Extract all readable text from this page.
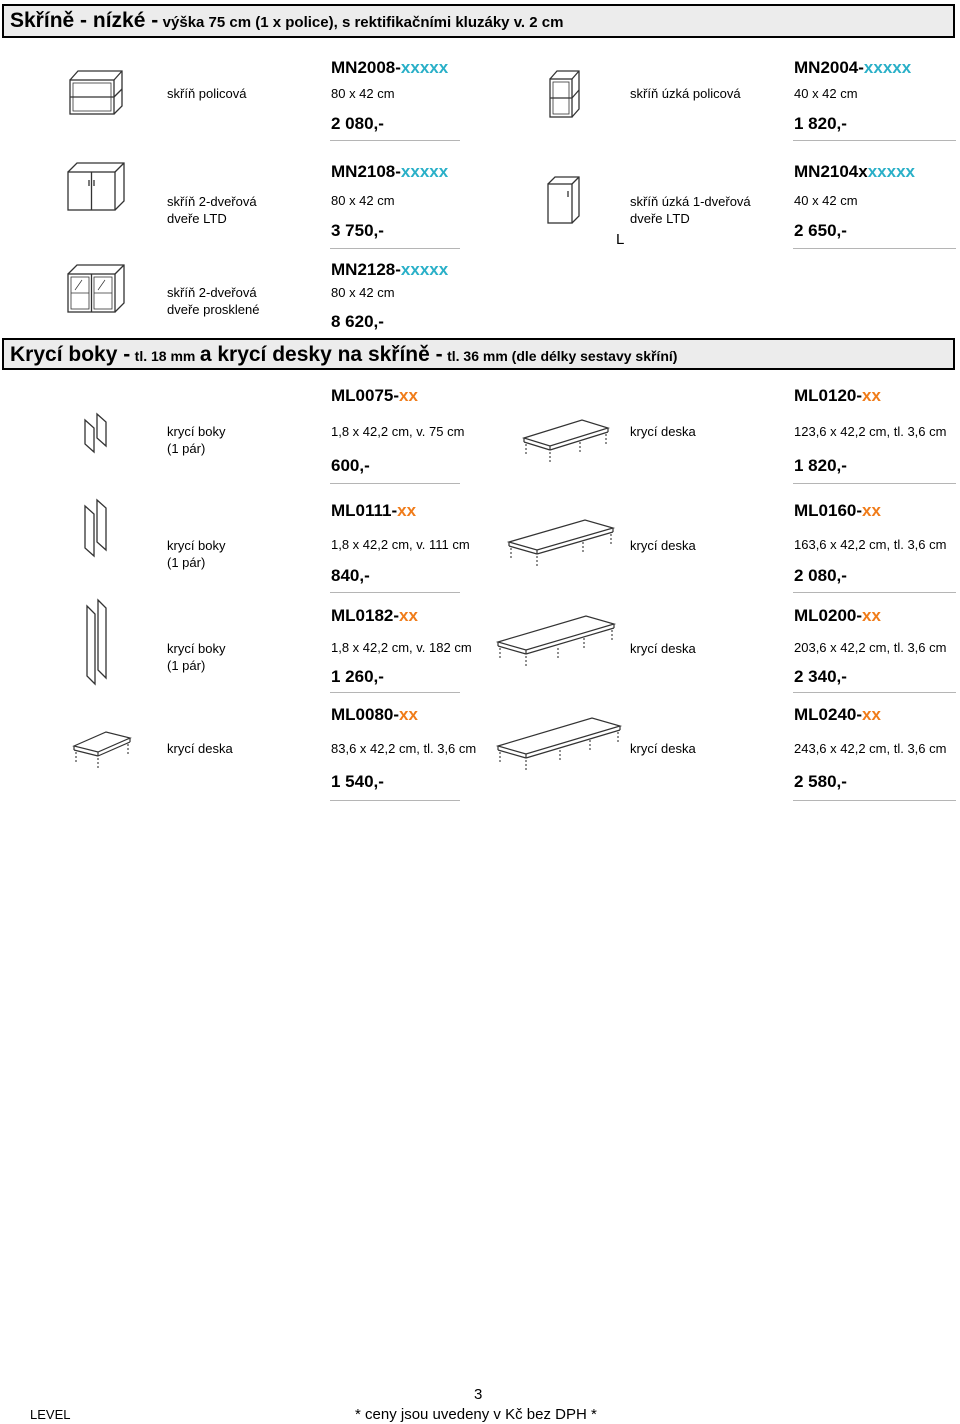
Skříně - nízké - výška 75 cm (1 x police), s rektifikačními kluzáky v. 2 cm
skříň policová
MN2008-xxxxx
80 x 42 cm
2 080,-
skříň úzká policová
MN2004-xxxxx
40 x 42 cm
1 820,-
skříň 2-dveřová
dveře LTD
MN2108-xxxxx
80 x 42 cm
3 750,-	L
skříň úzká 1-dveřová
dveře LTD
MN2104xxxxxx
40 x 42 cm
2 650,-
skříň 2-dveřová
dveře prosklené
MN2128-xxxxx
80 x 42 cm
8 620,-
Krycí boky - tl. 18 mm a krycí desky na skříně - tl. 36 mm (dle délky sestavy skříní)
krycí boky
(1 pár)
ML0075-xx
1,8 x 42,2 cm, v. 75 cm
600,-
krycí deska
ML0120-xx
123,6 x 42,2 cm, tl. 3,6 cm
1 820,-
krycí boky
(1 pár)
ML0111-xx
1,8 x 42,2 cm, v. 111 cm
840,-
krycí deska
ML0160-xx
163,6 x 42,2 cm, tl. 3,6 cm
2 080,-
krycí boky
(1 pár)
ML0182-xx
1,8 x 42,2 cm, v. 182 cm
1 260,-
krycí deska
ML0200-xx
203,6 x 42,2 cm, tl. 3,6 cm
2 340,-
krycí deska
ML0080-xx
83,6 x 42,2 cm, tl. 3,6 cm
1 540,-
krycí deska
ML0240-xx
243,6 x 42,2 cm, tl. 3,6 cm
2 580,-
LEVEL
3
* ceny jsou uvedeny v Kč bez DPH *
